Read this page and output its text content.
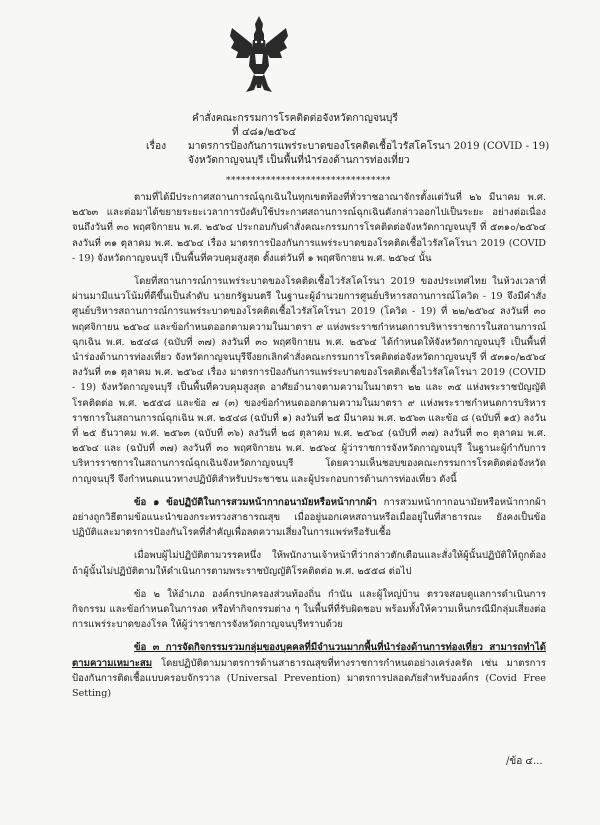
คำสั่งคณะกรรมการโรคติดต่อจังหวัดกาญจนบุรี
ที่ ๔๘๑/๒๕๖๔
เรื่อง มาตรการป้องกันการแพร่ระบาดของโรคติดเชื้อไวรัสโคโรนา 2019 (COVID - 19)
จังหวัดกาญจนบุรี เป็นพื้นที่นำร่องด้านการท่องเที่ยว
*********************************

ตามที่ได้มีประกาศสถานการณ์ฉุกเฉินในทุกเขตท้องที่ทั่วราชอาณาจักรตั้งแต่วันที่ ๒๖ มีนาคม พ.ศ. ๒๕๖๓ และต่อมาได้ขยายระยะเวลาการบังคับใช้ประกาศสถานการณ์ฉุกเฉินดังกล่าวออกไปเป็นระยะ อย่างต่อเนื่องจนถึงวันที่ ๓๐ พฤศจิกายน พ.ศ. ๒๕๖๔ ประกอบกับคำสั่งคณะกรรมการโรคติดต่อจังหวัดกาญจนบุรี ที่ ๕๓๑๐/๒๕๖๔ ลงวันที่ ๓๑ ตุลาคม พ.ศ. ๒๕๖๔ เรื่อง มาตรการป้องกันการแพร่ระบาดของโรคติดเชื้อไวรัสโคโรนา 2019 (COVID - 19) จังหวัดกาญจนบุรี เป็นพื้นที่ควบคุมสูงสุด ตั้งแต่วันที่ ๑ พฤศจิกายน พ.ศ. ๒๕๖๔ นั้น

โดยที่สถานการณ์การแพร่ระบาดของโรคติดเชื้อไวรัสโคโรนา 2019 ของประเทศไทย ในห้วงเวลาที่ผ่านมามีแนวโน้มที่ดีขึ้นเป็นลำดับ นายกรัฐมนตรี ในฐานะผู้อำนวยการศูนย์บริหารสถานการณ์โควิด - 19 จึงมีคำสั่งศูนย์บริหารสถานการณ์การแพร่ระบาดของโรคติดเชื้อไวรัสโคโรนา 2019 (โควิด - 19) ที่ ๒๒/๒๕๖๔ ลงวันที่ ๓๐ พฤศจิกายน ๒๕๖๔ และข้อกำหนดออกตามความในมาตรา ๙ แห่งพระราชกำหนดการบริหารราชการในสถานการณ์ฉุกเฉิน พ.ศ. ๒๕๔๘ (ฉบับที่ ๓๗) ลงวันที่ ๓๐ พฤศจิกายน พ.ศ. ๒๕๖๔ ได้กำหนดให้จังหวัดกาญจนบุรี เป็นพื้นที่นำร่องด้านการท่องเที่ยว จังหวัดกาญจนบุรีจึงยกเลิกคำสั่งคณะกรรมการโรคติดต่อจังหวัดกาญจนบุรี ที่ ๕๓๑๐/๒๕๖๔ ลงวันที่ ๓๑ ตุลาคม พ.ศ. ๒๕๖๔ เรื่อง มาตรการป้องกันการแพร่ระบาดของโรคติดเชื้อไวรัสโคโรนา 2019 (COVID - 19) จังหวัดกาญจนบุรี เป็นพื้นที่ควบคุมสูงสุด อาศัยอำนาจตามความในมาตรา ๒๒ และ ๓๕ แห่งพระราชบัญญัติโรคติดต่อ พ.ศ. ๒๕๕๘ และข้อ ๗ (๓) ของข้อกำหนดออกตามความในมาตรา ๙ แห่งพระราชกำหนดการบริหารราชการในสถานการณ์ฉุกเฉิน พ.ศ. ๒๕๔๘ (ฉบับที่ ๑) ลงวันที่ ๒๕ มีนาคม พ.ศ. ๒๕๖๓ และข้อ ๘ (ฉบับที่ ๑๕) ลงวันที่ ๒๕ ธันวาคม พ.ศ. ๒๕๖๓ (ฉบับที่ ๓๖) ลงวันที่ ๒๘ ตุลาคม พ.ศ. ๒๕๖๔ (ฉบับที่ ๓๗) ลงวันที่ ๓๐ ตุลาคม พ.ศ. ๒๕๖๔ และ (ฉบับที่ ๓๗) ลงวันที่ ๓๐ พฤศจิกายน พ.ศ. ๒๕๖๔ ผู้ว่าราชการจังหวัดกาญจนบุรี ในฐานะผู้กำกับการบริหารราชการในสถานการณ์ฉุกเฉินจังหวัดกาญจนบุรี โดยความเห็นชอบของคณะกรรมการโรคติดต่อจังหวัดกาญจนบุรี จึงกำหนดแนวทางปฏิบัติสำหรับประชาชน และผู้ประกอบการด้านการท่องเที่ยว ดังนี้

ข้อ ๑ ข้อปฏิบัติในการสวมหน้ากากอนามัยหรือหน้ากากผ้า การสวมหน้ากากอนามัยหรือหน้ากากผ้าอย่างถูกวิธีตามข้อแนะนำของกระทรวงสาธารณสุข เมื่ออยู่นอกเคหสถานหรือเมื่ออยู่ในที่สาธารณะ ยังคงเป็นข้อปฏิบัติและมาตรการป้องกันโรคที่สำคัญเพื่อลดความเสี่ยงในการแพร่หรือรับเชื้อ

เมื่อพบผู้ไม่ปฏิบัติตามวรรคหนึ่ง ให้พนักงานเจ้าหน้าที่ว่ากล่าวตักเตือนและสั่งให้ผู้นั้นปฏิบัติให้ถูกต้อง ถ้าผู้นั้นไม่ปฏิบัติตามให้ดำเนินการตามพระราชบัญญัติโรคติดต่อ พ.ศ. ๒๕๕๘ ต่อไป

ข้อ ๒ ให้อำเภอ องค์กรปกครองส่วนท้องถิ่น กำนัน และผู้ใหญ่บ้าน ตรวจสอบดูแลการดำเนินการกิจกรรม และข้อกำหนดในการงด หรือทำกิจกรรมต่าง ๆ ในพื้นที่ที่รับผิดชอบ พร้อมทั้งให้ความเห็นกรณีมีกลุ่มเสี่ยงต่อการแพร่ระบาดของโรค ให้ผู้ว่าราชการจังหวัดกาญจนบุรีทราบด้วย

ข้อ ๓ การจัดกิจกรรมรวมกลุ่มของบุคคลที่มีจำนวนมากพื้นที่นำร่องด้านการท่องเที่ยว สามารถทำได้ตามความเหมาะสม โดยปฏิบัติตามมาตรการด้านสาธารณสุขที่ทางราชการกำหนดอย่างเคร่งครัด เช่น มาตรการป้องกันการติดเชื้อแบบครอบจักรวาล (Universal Prevention) มาตรการปลอดภัยสำหรับองค์กร (Covid Free Setting)

/ข้อ ๔...
